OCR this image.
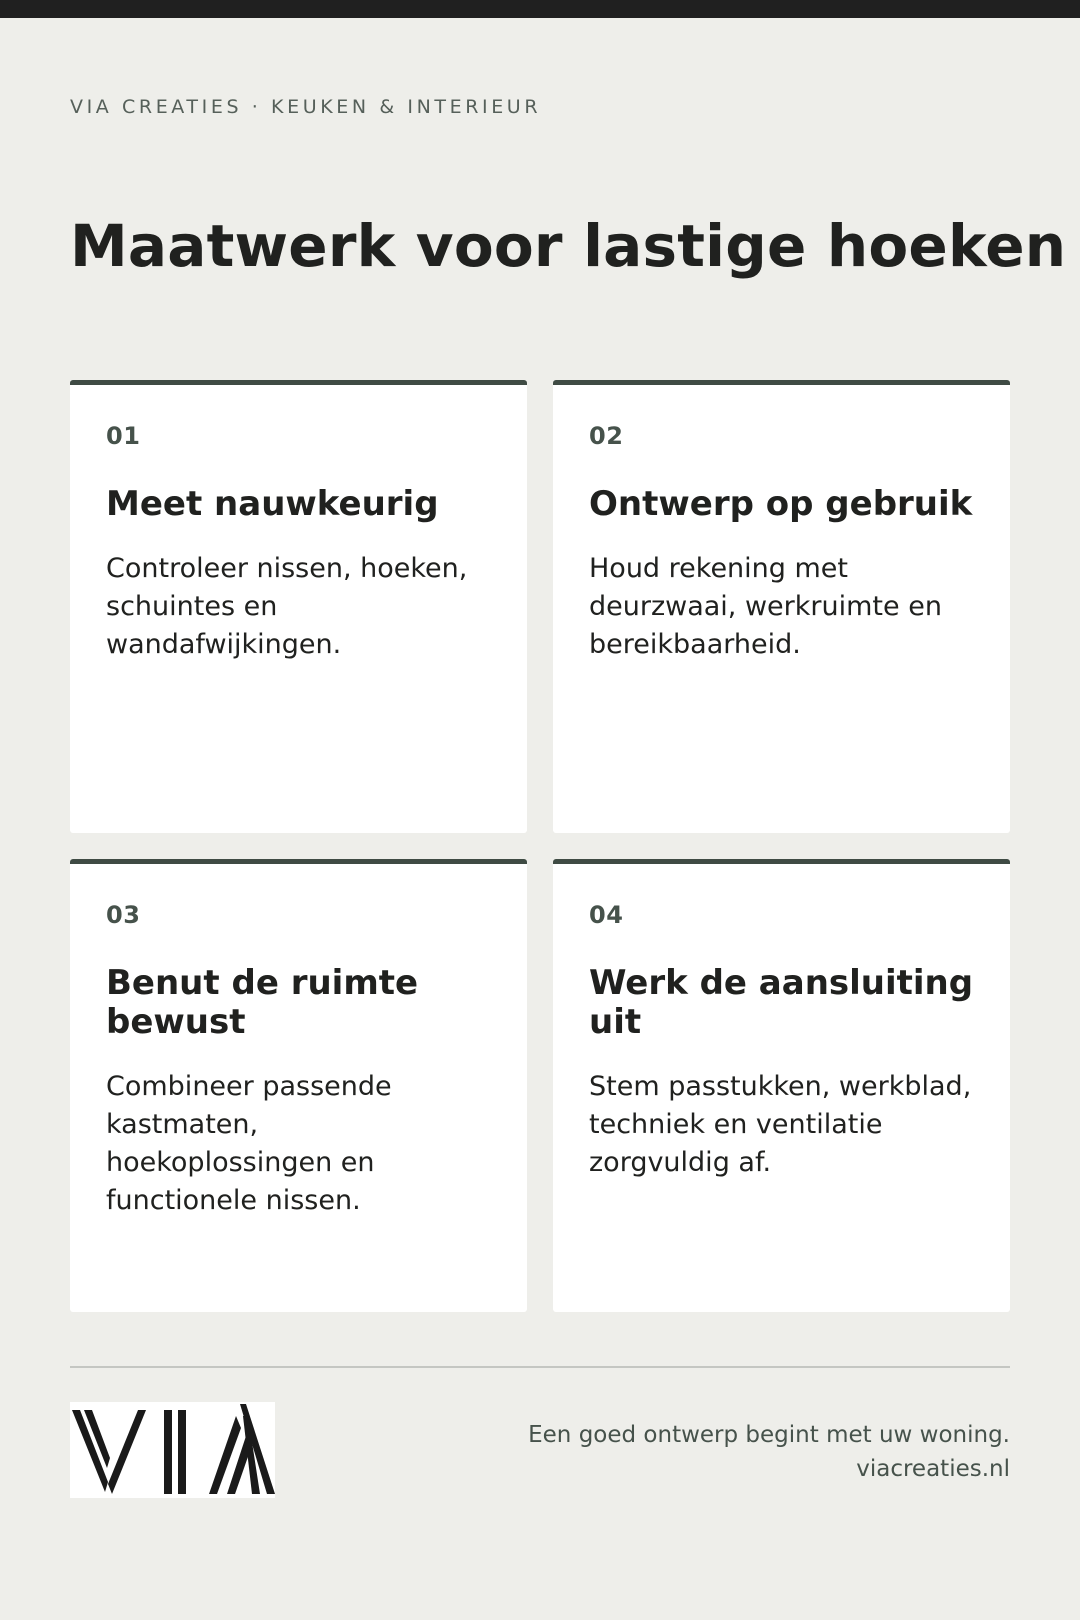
VIA CREATIES · KEUKEN & INTERIEUR
Maatwerk voor lastige hoeken
01
Meet nauwkeurig
Controleer nissen, hoeken, schuintes en wandafwijkingen.
02
Ontwerp op gebruik
Houd rekening met deurzwaai, werkruimte en bereikbaarheid.
03
Benut de ruimte bewust
Combineer passende kastmaten, hoekoplossingen en functionele nissen.
04
Werk de aansluiting uit
Stem passtukken, werkblad, techniek en ventilatie zorgvuldig af.
Een goed ontwerp begint met uw woning.
viacreaties.nl
